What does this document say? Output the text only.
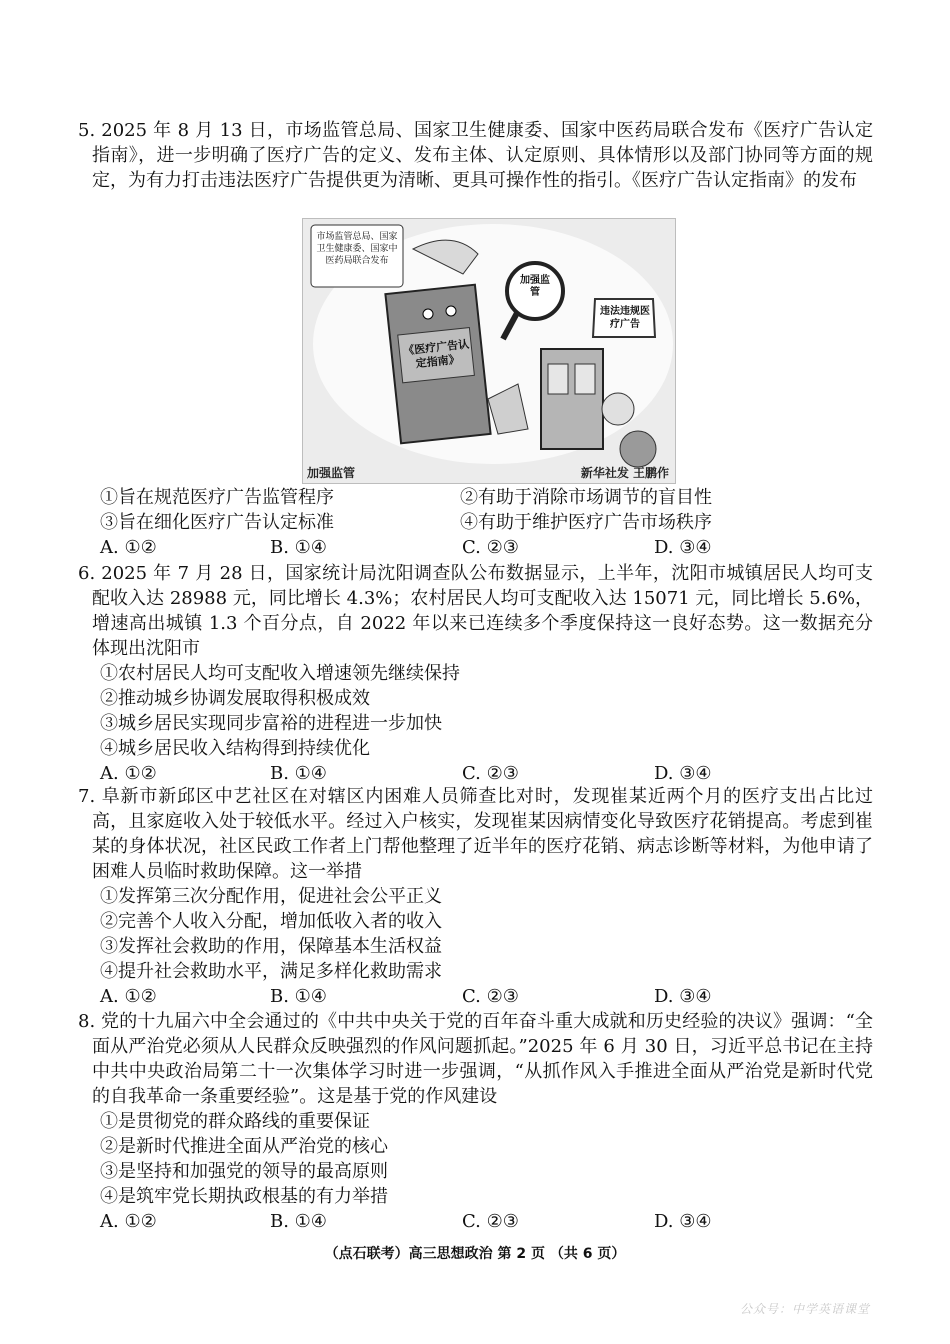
5. 2025 年 8 月 13 日，市场监管总局、国家卫生健康委、国家中医药局联合发布《医疗广告认定指南》，进一步明确了医疗广告的定义、发布主体、认定原则、具体情形以及部门协同等方面的规定，为有力打击违法医疗广告提供更为清晰、更具可操作性的指引。《医疗广告认定指南》的发布

市场监管总局、国家卫生健康委、国家中医药局联合发布
《医疗广告认定指南》
加强监管
违法违规医疗广告
加强监管	新华社发 王鹏作

①旨在规范医疗广告监管程序	②有助于消除市场调节的盲目性

③旨在细化医疗广告认定标准	④有助于维护医疗广告市场秩序

A. ①②	B. ①④	C. ②③	D. ③④

6. 2025 年 7 月 28 日，国家统计局沈阳调查队公布数据显示，上半年，沈阳市城镇居民人均可支配收入达 28988 元，同比增长 4.3%；农村居民人均可支配收入达 15071 元，同比增长 5.6%，增速高出城镇 1.3 个百分点，自 2022 年以来已连续多个季度保持这一良好态势。这一数据充分体现出沈阳市

①农村居民人均可支配收入增速领先继续保持

②推动城乡协调发展取得积极成效

③城乡居民实现同步富裕的进程进一步加快

④城乡居民收入结构得到持续优化

A. ①②	B. ①④	C. ②③	D. ③④

7. 阜新市新邱区中艺社区在对辖区内困难人员筛查比对时，发现崔某近两个月的医疗支出占比过高，且家庭收入处于较低水平。经过入户核实，发现崔某因病情变化导致医疗花销提高。考虑到崔某的身体状况，社区民政工作者上门帮他整理了近半年的医疗花销、病志诊断等材料，为他申请了困难人员临时救助保障。这一举措

①发挥第三次分配作用，促进社会公平正义

②完善个人收入分配，增加低收入者的收入

③发挥社会救助的作用，保障基本生活权益

④提升社会救助水平，满足多样化救助需求

A. ①②	B. ①④	C. ②③	D. ③④

8. 党的十九届六中全会通过的《中共中央关于党的百年奋斗重大成就和历史经验的决议》强调：“全面从严治党必须从人民群众反映强烈的作风问题抓起。”2025 年 6 月 30 日，习近平总书记在主持中共中央政治局第二十一次集体学习时进一步强调，“从抓作风入手推进全面从严治党是新时代党的自我革命一条重要经验”。这是基于党的作风建设

①是贯彻党的群众路线的重要保证

②是新时代推进全面从严治党的核心

③是坚持和加强党的领导的最高原则

④是筑牢党长期执政根基的有力举措

A. ①②	B. ①④	C. ②③	D. ③④
（点石联考）高三思想政治 第 2 页 （共 6 页）
公众号：中学英语课堂
